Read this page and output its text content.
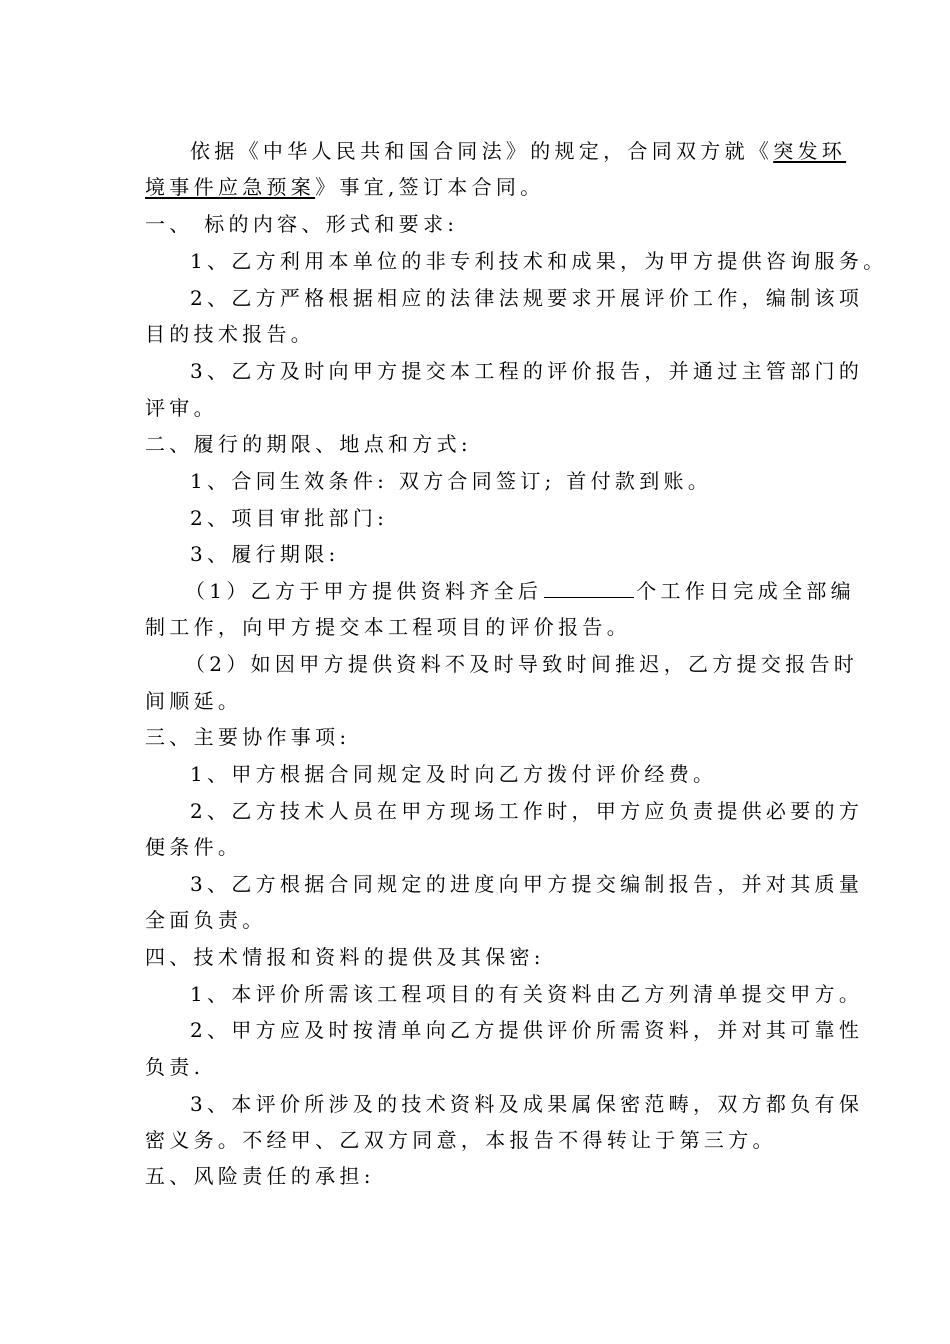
依据《中华人民共和国合同法》的规定，合同双方就《突发环

境事件应急预案》事宜,签订本合同。

一、 标的内容、形式和要求:

1、乙方利用本单位的非专利技术和成果，为甲方提供咨询服务。

2、乙方严格根据相应的法律法规要求开展评价工作，编制该项

目的技术报告。

3、乙方及时向甲方提交本工程的评价报告，并通过主管部门的

评审。

二、履行的期限、地点和方式:

1、合同生效条件: 双方合同签订; 首付款到账。

2、项目审批部门:

3、履行期限:

（1）乙方于甲方提供资料齐全后	个工作日完成全部编

制工作，向甲方提交本工程项目的评价报告。

（2）如因甲方提供资料不及时导致时间推迟，乙方提交报告时

间顺延。

三、主要协作事项:

1、甲方根据合同规定及时向乙方拨付评价经费。

2、乙方技术人员在甲方现场工作时，甲方应负责提供必要的方

便条件。

3、乙方根据合同规定的进度向甲方提交编制报告，并对其质量

全面负责。

四、技术情报和资料的提供及其保密:

1、本评价所需该工程项目的有关资料由乙方列清单提交甲方。

2、甲方应及时按清单向乙方提供评价所需资料，并对其可靠性

负责.

3、本评价所涉及的技术资料及成果属保密范畴，双方都负有保

密义务。不经甲、乙双方同意，本报告不得转让于第三方。

五、风险责任的承担:
